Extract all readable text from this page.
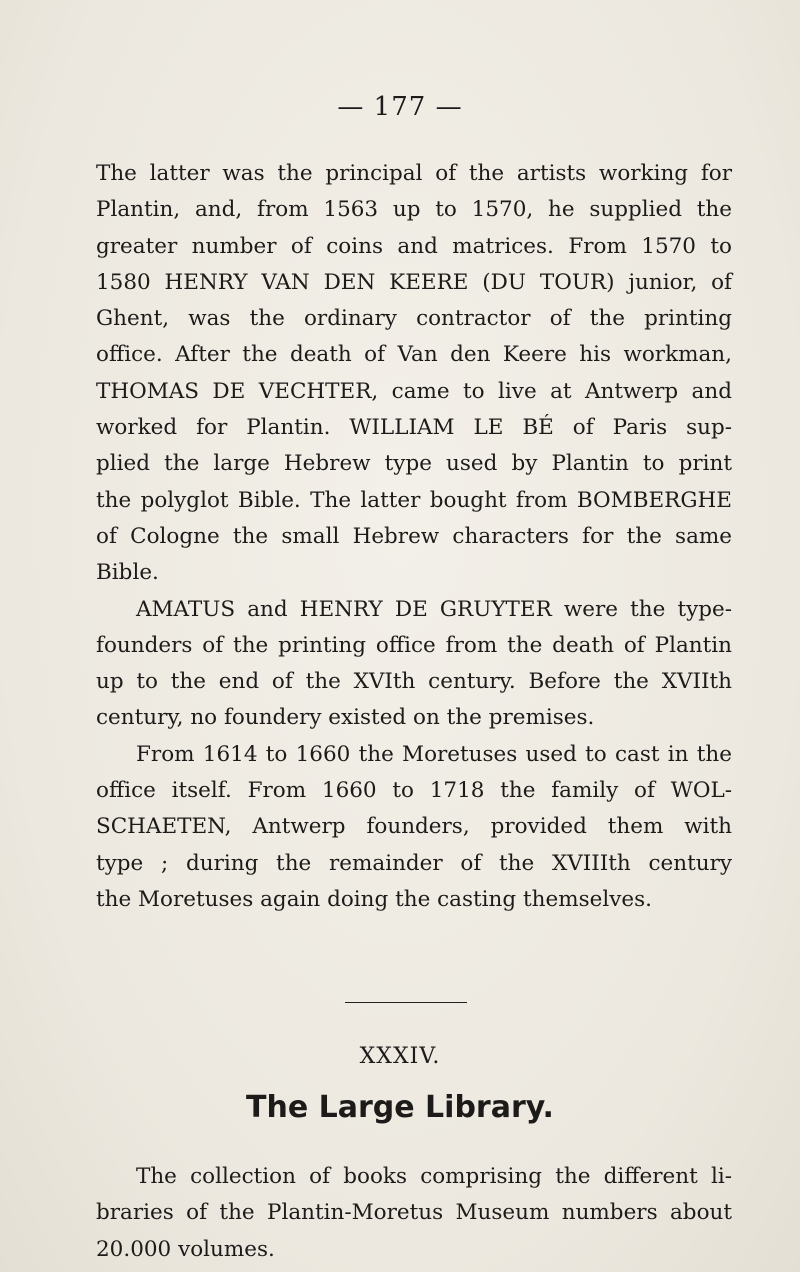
— 177 —
The latter was the principal of the artists working for
Plantin, and, from 1563 up to 1570, he supplied the
greater number of coins and matrices. From 1570 to
1580 HENRY VAN DEN KEERE (DU TOUR) junior, of
Ghent, was the ordinary contractor of the printing
office. After the death of Van den Keere his workman,
THOMAS DE VECHTER, came to live at Antwerp and
worked for Plantin. WILLIAM LE BÉ of Paris sup-
plied the large Hebrew type used by Plantin to print
the polyglot Bible. The latter bought from BOMBERGHE
of Cologne the small Hebrew characters for the same
Bible.
AMATUS and HENRY DE GRUYTER were the type-
founders of the printing office from the death of Plantin
up to the end of the XVIth century. Before the XVIIth
century, no foundery existed on the premises.
From 1614 to 1660 the Moretuses used to cast in the
office itself. From 1660 to 1718 the family of WOL-
SCHAETEN, Antwerp founders, provided them with
type ; during the remainder of the XVIIIth century
the Moretuses again doing the casting themselves.
XXXIV.
The Large Library.
The collection of books comprising the different li-
braries of the Plantin-Moretus Museum numbers about
20.000 volumes.
